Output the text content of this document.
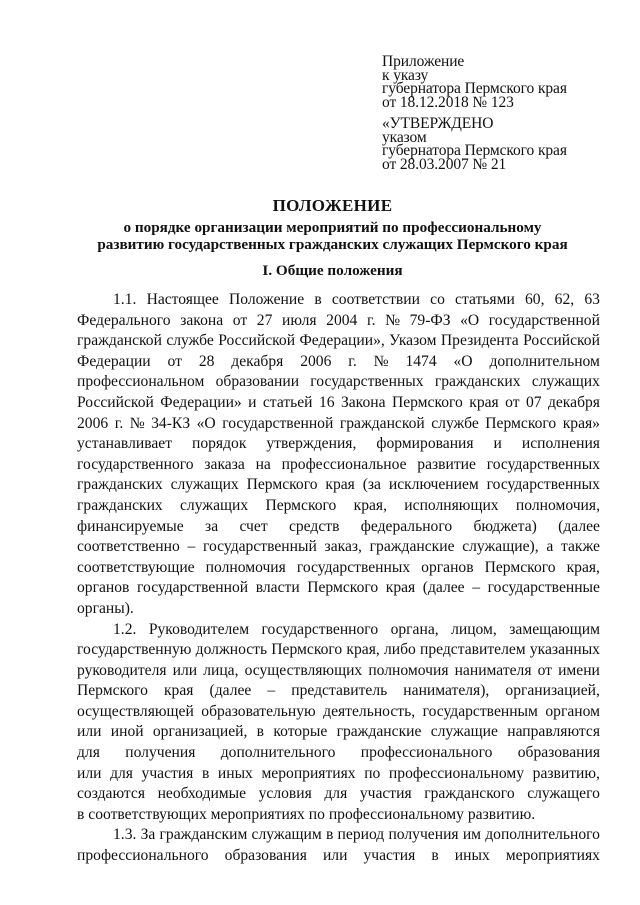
Приложение
к указу
губернатора Пермского края
от 18.12.2018 № 123
«УТВЕРЖДЕНО
указом
губернатора Пермского края
от 28.03.2007 № 21
ПОЛОЖЕНИЕ
о порядке организации мероприятий по профессиональному
развитию государственных гражданских служащих Пермского края
I. Общие положения
1.1. Настоящее Положение в соответствии со статьями 60, 62, 63
Федерального закона от 27 июля 2004 г. № 79-ФЗ «О государственной
гражданской службе Российской Федерации», Указом Президента Российской
Федерации от 28 декабря 2006 г. № 1474 «О дополнительном
профессиональном образовании государственных гражданских служащих
Российской Федерации» и статьей 16 Закона Пермского края от 07 декабря
2006 г. № 34-КЗ «О государственной гражданской службе Пермского края»
устанавливает порядок утверждения, формирования и исполнения
государственного заказа на профессиональное развитие государственных
гражданских служащих Пермского края (за исключением государственных
гражданских служащих Пермского края, исполняющих полномочия,
финансируемые за счет средств федерального бюджета) (далее
соответственно – государственный заказ, гражданские служащие), а также
соответствующие полномочия государственных органов Пермского края,
органов государственной власти Пермского края (далее – государственные
органы).
1.2. Руководителем государственного органа, лицом, замещающим
государственную должность Пермского края, либо представителем указанных
руководителя или лица, осуществляющих полномочия нанимателя от имени
Пермского края (далее – представитель нанимателя), организацией,
осуществляющей образовательную деятельность, государственным органом
или иной организацией, в которые гражданские служащие направляются
для получения дополнительного профессионального образования
или для участия в иных мероприятиях по профессиональному развитию,
создаются необходимые условия для участия гражданского служащего
в
соответствующих
мероприятиях
по
профессиональному
развитию.
1.3. За гражданским служащим в период получения им дополнительного
профессионального образования или участия в иных мероприятиях
